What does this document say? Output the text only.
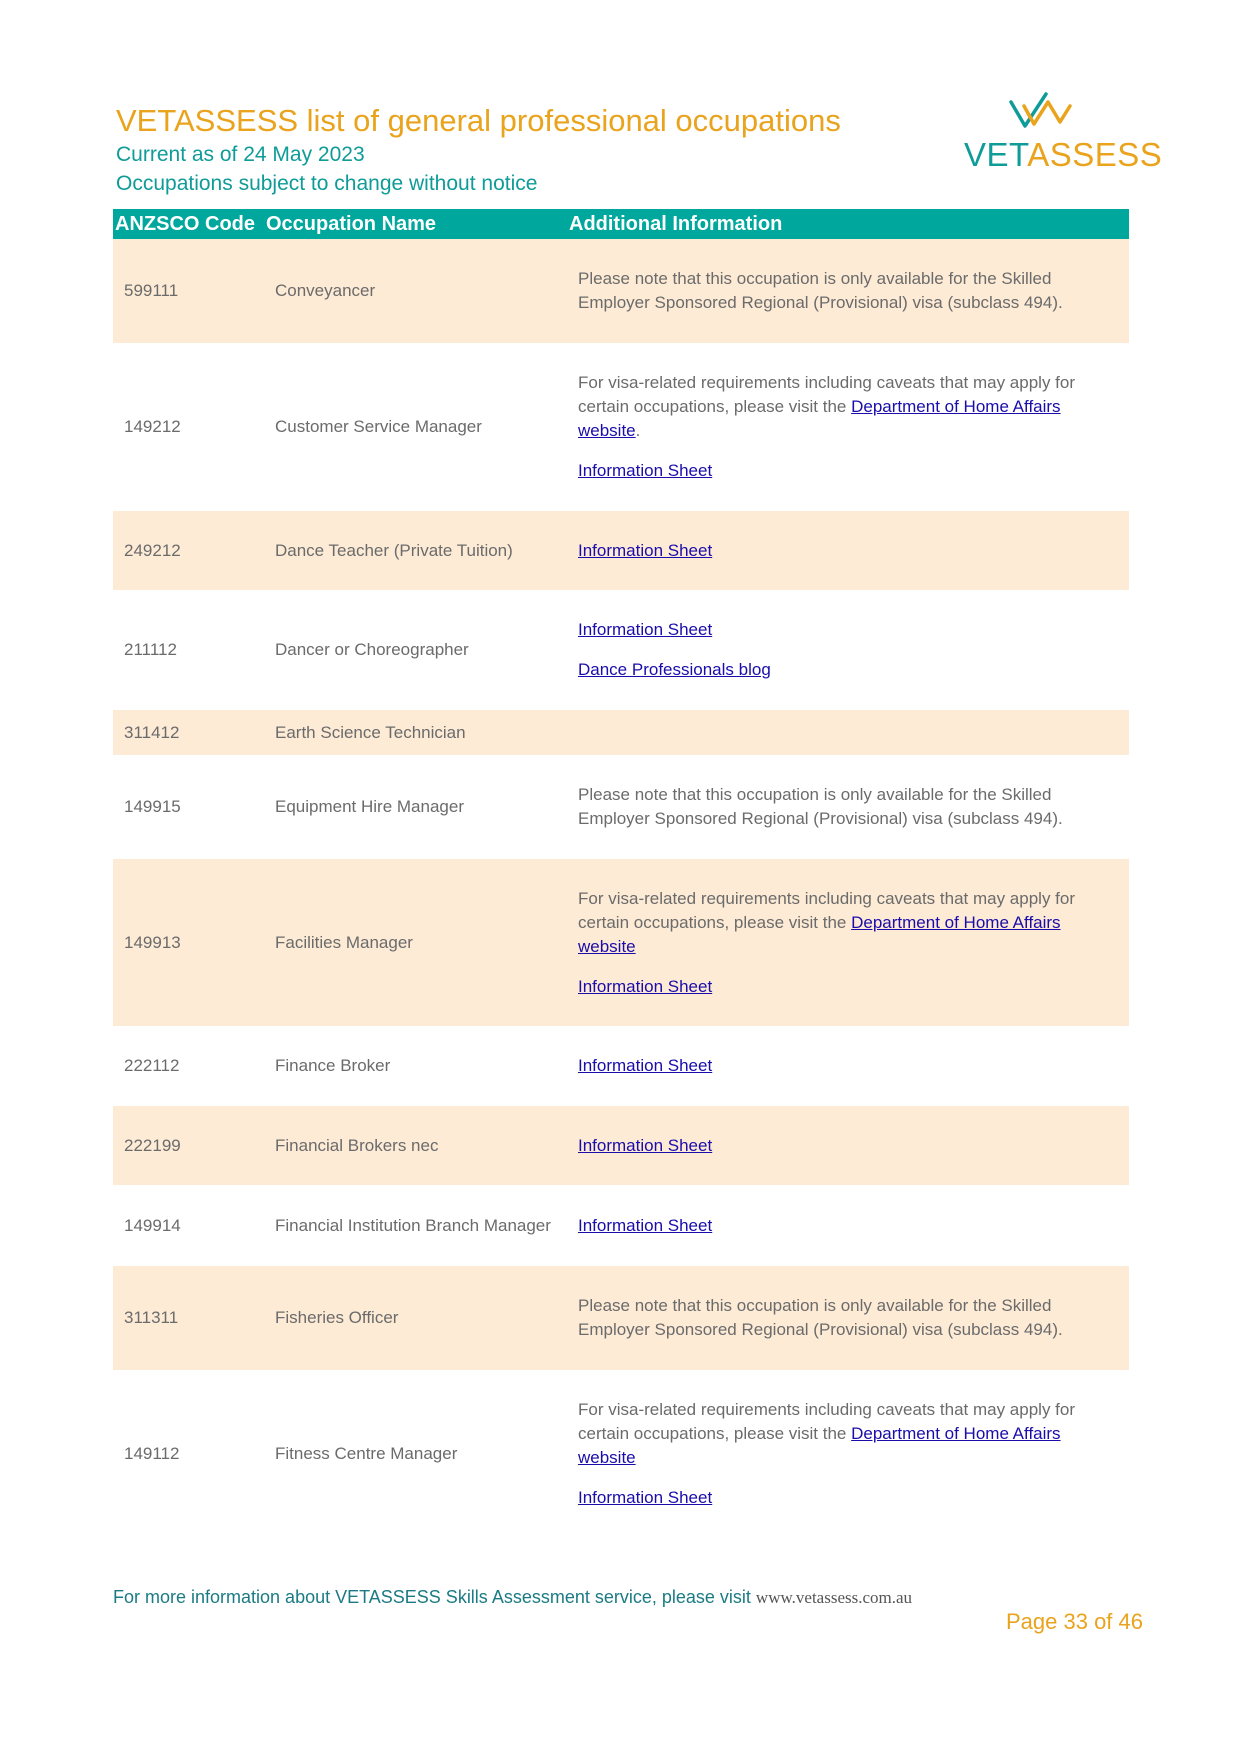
VETASSESS list of general professional occupations
Current as of 24 May 2023
Occupations subject to change without notice
VETASSESS
ANZSCO Code	Occupation Name	Additional Information
599111	Conveyancer	Please note that this occupation is only available for the Skilled Employer Sponsored Regional (Provisional) visa (subclass 494).

149212	Customer Service Manager	For visa-related requirements including caveats that may apply for certain occupations, please visit the Department of Home Affairs website.
Information Sheet

249212	Dance Teacher (Private Tuition)	Information Sheet
211112	Dancer or Choreographer	Information Sheet
Dance Professionals blog

311412	Earth Science Technician	
149915	Equipment Hire Manager	Please note that this occupation is only available for the Skilled Employer Sponsored Regional (Provisional) visa (subclass 494).

149913	Facilities Manager	For visa-related requirements including caveats that may apply for certain occupations, please visit the Department of Home Affairs website
Information Sheet

222112	Finance Broker	Information Sheet
222199	Financial Brokers nec	Information Sheet
149914	Financial Institution Branch Manager	Information Sheet
311311	Fisheries Officer	Please note that this occupation is only available for the Skilled Employer Sponsored Regional (Provisional) visa (subclass 494).

149112	Fitness Centre Manager	For visa-related requirements including caveats that may apply for certain occupations, please visit the Department of Home Affairs website
Information Sheet
For more information about VETASSESS Skills Assessment service, please visit www.vetassess.com.au
Page 33 of 46
